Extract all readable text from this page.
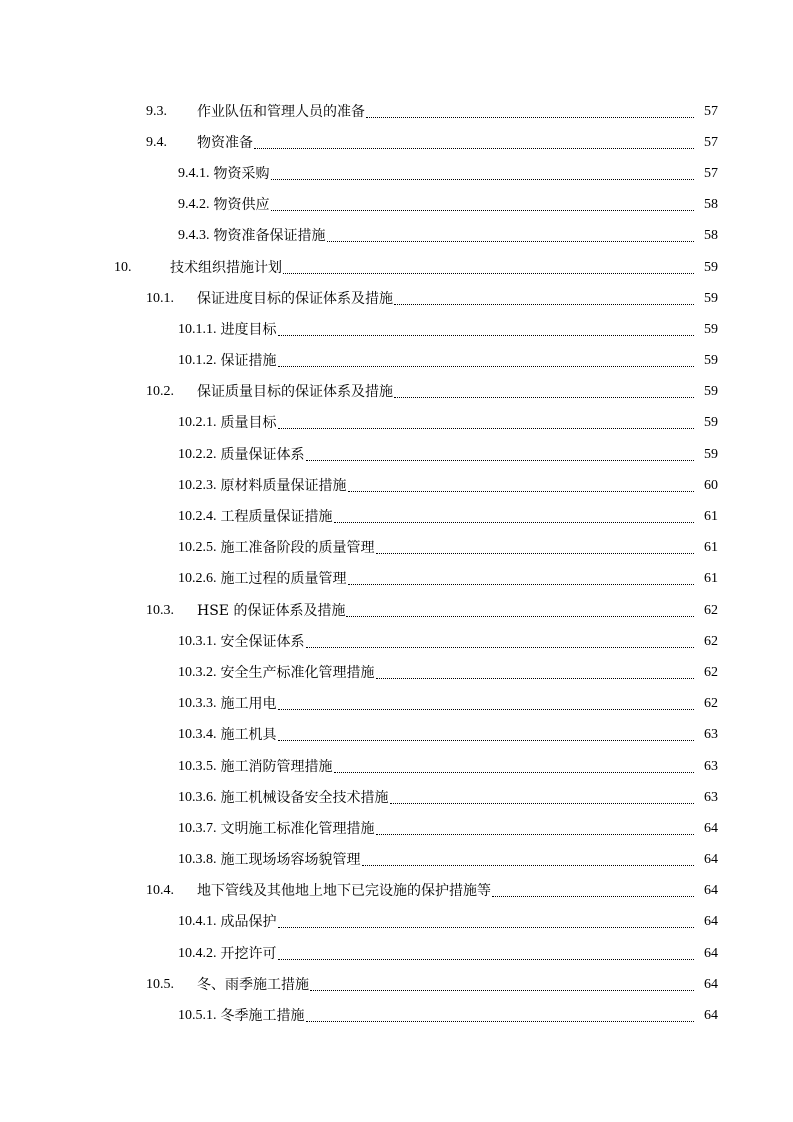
9.3.	作业队伍和管理人员的准备	57
9.4.	物资准备	57
9.4.1. 物资采购	57
9.4.2. 物资供应	58
9.4.3. 物资准备保证措施	58
10.	技术组织措施计划	59
10.1.	保证进度目标的保证体系及措施	59
10.1.1. 进度目标	59
10.1.2. 保证措施	59
10.2.	保证质量目标的保证体系及措施	59
10.2.1. 质量目标	59
10.2.2. 质量保证体系	59
10.2.3. 原材料质量保证措施	60
10.2.4. 工程质量保证措施	61
10.2.5. 施工准备阶段的质量管理	61
10.2.6. 施工过程的质量管理	61
10.3.	HSE 的保证体系及措施	62
10.3.1. 安全保证体系	62
10.3.2. 安全生产标准化管理措施	62
10.3.3. 施工用电	62
10.3.4. 施工机具	63
10.3.5. 施工消防管理措施	63
10.3.6. 施工机械设备安全技术措施	63
10.3.7. 文明施工标准化管理措施	64
10.3.8. 施工现场场容场貌管理	64
10.4.	地下管线及其他地上地下已完设施的保护措施等	64
10.4.1. 成品保护	64
10.4.2. 开挖许可	64
10.5.	冬、雨季施工措施	64
10.5.1. 冬季施工措施	64
